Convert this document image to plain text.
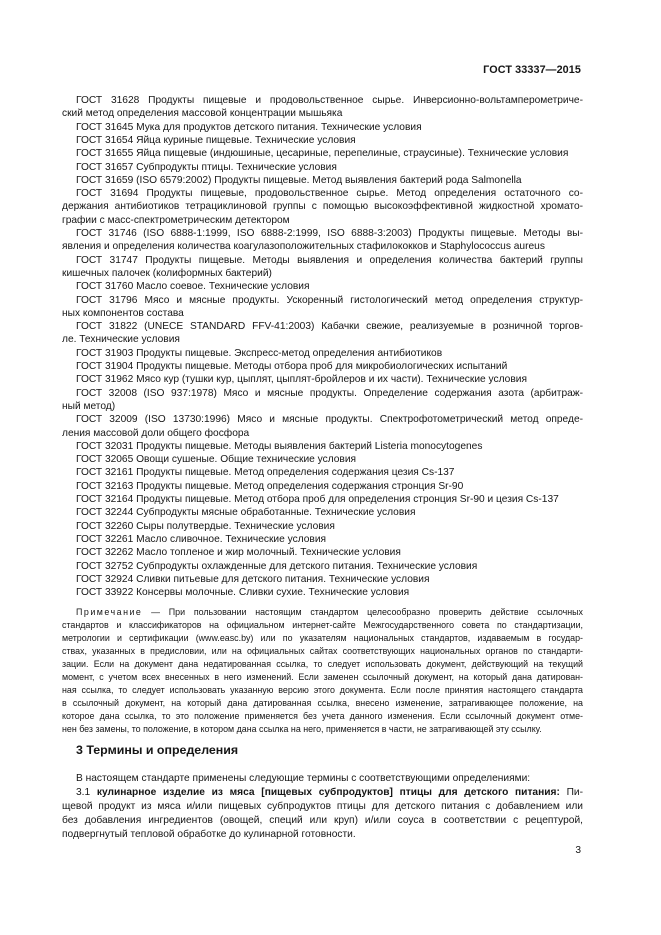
ГОСТ 33337—2015
ГОСТ 31628 Продукты пищевые и продовольственное сырье. Инверсионно-вольтамперометриче-
ский метод определения массовой концентрации мышьяка
ГОСТ 31645 Мука для продуктов детского питания. Технические условия
ГОСТ 31654 Яйца куриные пищевые. Технические условия
ГОСТ 31655 Яйца пищевые (индюшиные, цесариные, перепелиные, страусиные). Технические условия
ГОСТ 31657 Субпродукты птицы. Технические условия
ГОСТ 31659 (ISO 6579:2002) Продукты пищевые. Метод выявления бактерий рода Salmonella
ГОСТ 31694 Продукты пищевые, продовольственное сырье. Метод определения остаточного со-
держания антибиотиков тетрациклиновой группы с помощью высокоэффективной жидкостной хромато-
графии с масс-спектрометрическим детектором
ГОСТ 31746 (ISO 6888-1:1999, ISO 6888-2:1999, ISO 6888-3:2003) Продукты пищевые. Методы вы-
явления и определения количества коагулазоположительных стафилококков и Staphylococcus aureus
ГОСТ 31747 Продукты пищевые. Методы выявления и определения количества бактерий группы
кишечных палочек (колиформных бактерий)
ГОСТ 31760 Масло соевое. Технические условия
ГОСТ 31796 Мясо и мясные продукты. Ускоренный гистологический метод определения структур-
ных компонентов состава
ГОСТ 31822 (UNECE STANDARD FFV-41:2003) Кабачки свежие, реализуемые в розничной торгов-
ле. Технические условия
ГОСТ 31903 Продукты пищевые. Экспресс-метод определения антибиотиков
ГОСТ 31904 Продукты пищевые. Методы отбора проб для микробиологических испытаний
ГОСТ 31962 Мясо кур (тушки кур, цыплят, цыплят-бройлеров и их части). Технические условия
ГОСТ 32008 (ISO 937:1978) Мясо и мясные продукты. Определение содержания азота (арбитраж-
ный метод)
ГОСТ 32009 (ISO 13730:1996) Мясо и мясные продукты. Спектрофотометрический метод опреде-
ления массовой доли общего фосфора
ГОСТ 32031 Продукты пищевые. Методы выявления бактерий Listeria monocytogenes
ГОСТ 32065 Овощи сушеные. Общие технические условия
ГОСТ 32161 Продукты пищевые. Метод определения содержания цезия Cs-137
ГОСТ 32163 Продукты пищевые. Метод определения содержания стронция Sr-90
ГОСТ 32164 Продукты пищевые. Метод отбора проб для определения стронция Sr-90 и цезия Cs-137
ГОСТ 32244 Субпродукты мясные обработанные. Технические условия
ГОСТ 32260 Сыры полутвердые. Технические условия
ГОСТ 32261 Масло сливочное. Технические условия
ГОСТ 32262 Масло топленое и жир молочный. Технические условия
ГОСТ 32752 Субпродукты охлажденные для детского питания. Технические условия
ГОСТ 32924 Сливки питьевые для детского питания. Технические условия
ГОСТ 33922 Консервы молочные. Сливки сухие. Технические условия
Примечание — При пользовании настоящим стандартом целесообразно проверить действие ссылочных
стандартов и классификаторов на официальном интернет-сайте Межгосударственного совета по стандартизации,
метрологии и сертификации (www.easc.by) или по указателям национальных стандартов, издаваемым в государ-
ствах, указанных в предисловии, или на официальных сайтах соответствующих национальных органов по стандарти-
зации. Если на документ дана недатированная ссылка, то следует использовать документ, действующий на текущий
момент, с учетом всех внесенных в него изменений. Если заменен ссылочный документ, на который дана датирован-
ная ссылка, то следует использовать указанную версию этого документа. Если после принятия настоящего стандарта
в ссылочный документ, на который дана датированная ссылка, внесено изменение, затрагивающее положение, на
которое дана ссылка, то это положение применяется без учета данного изменения. Если ссылочный документ отме-
нен без замены, то положение, в котором дана ссылка на него, применяется в части, не затрагивающей эту ссылку.
3 Термины и определения
В настоящем стандарте применены следующие термины с соответствующими определениями:
3.1 кулинарное изделие из мяса [пищевых субпродуктов] птицы для детского питания: Пи-
щевой продукт из мяса и/или пищевых субпродуктов птицы для детского питания с добавлением или
без добавления ингредиентов (овощей, специй или круп) и/или соуса в соответствии с рецептурой,
подвергнутый тепловой обработке до кулинарной готовности.
3
